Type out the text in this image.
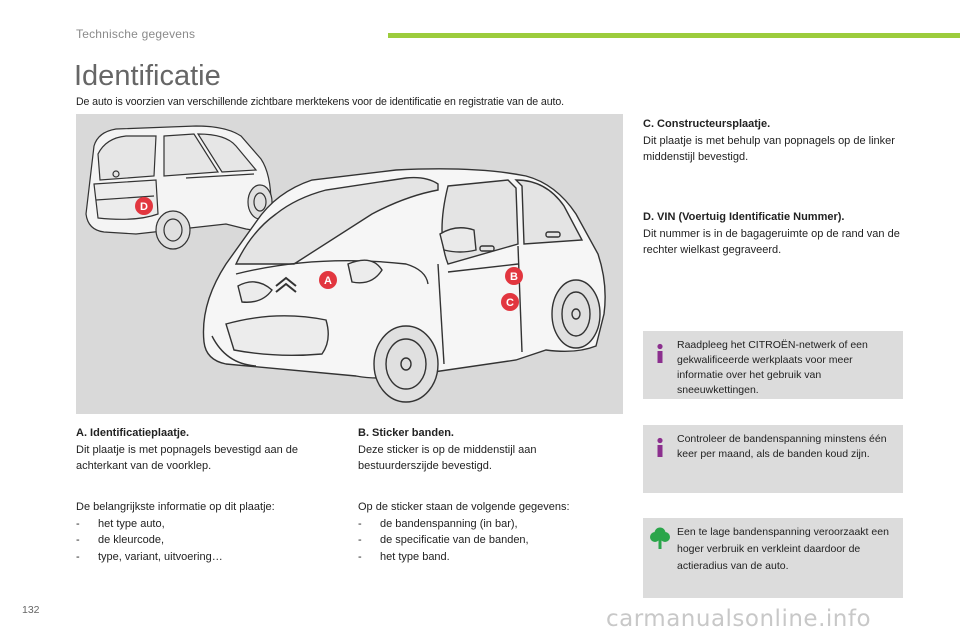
Technische gegevens
Identificatie
De auto is voorzien van verschillende zichtbare merktekens voor de identificatie en registratie van de auto.
D
A	B
C
C. Constructeursplaatje.
Dit plaatje is met behulp van popnagels op de linker middenstijl bevestigd.
D. VIN (Voertuig Identificatie Nummer).
Dit nummer is in de bagageruimte op de rand van de rechter wielkast gegraveerd.
Raadpleeg het CITROËN-netwerk of een gekwalificeerde werkplaats voor meer informatie over het gebruik van sneeuwkettingen.
Controleer de bandenspanning minstens één keer per maand, als de banden koud zijn.
Een te lage bandenspanning veroorzaakt een hoger verbruik en verkleint daardoor de actieradius van de auto.
A. Identificatieplaatje.
Dit plaatje is met popnagels bevestigd aan de achterkant van de voorklep.
De belangrijkste informatie op dit plaatje:
- het type auto,
- de kleurcode,
- type, variant, uitvoering…
B. Sticker banden.
Deze sticker is op de middenstijl aan bestuurderszijde bevestigd.
Op de sticker staan de volgende gegevens:
- de bandenspanning (in bar),
- de specificatie van de banden,
- het type band.
132	carmanualsonline.info
